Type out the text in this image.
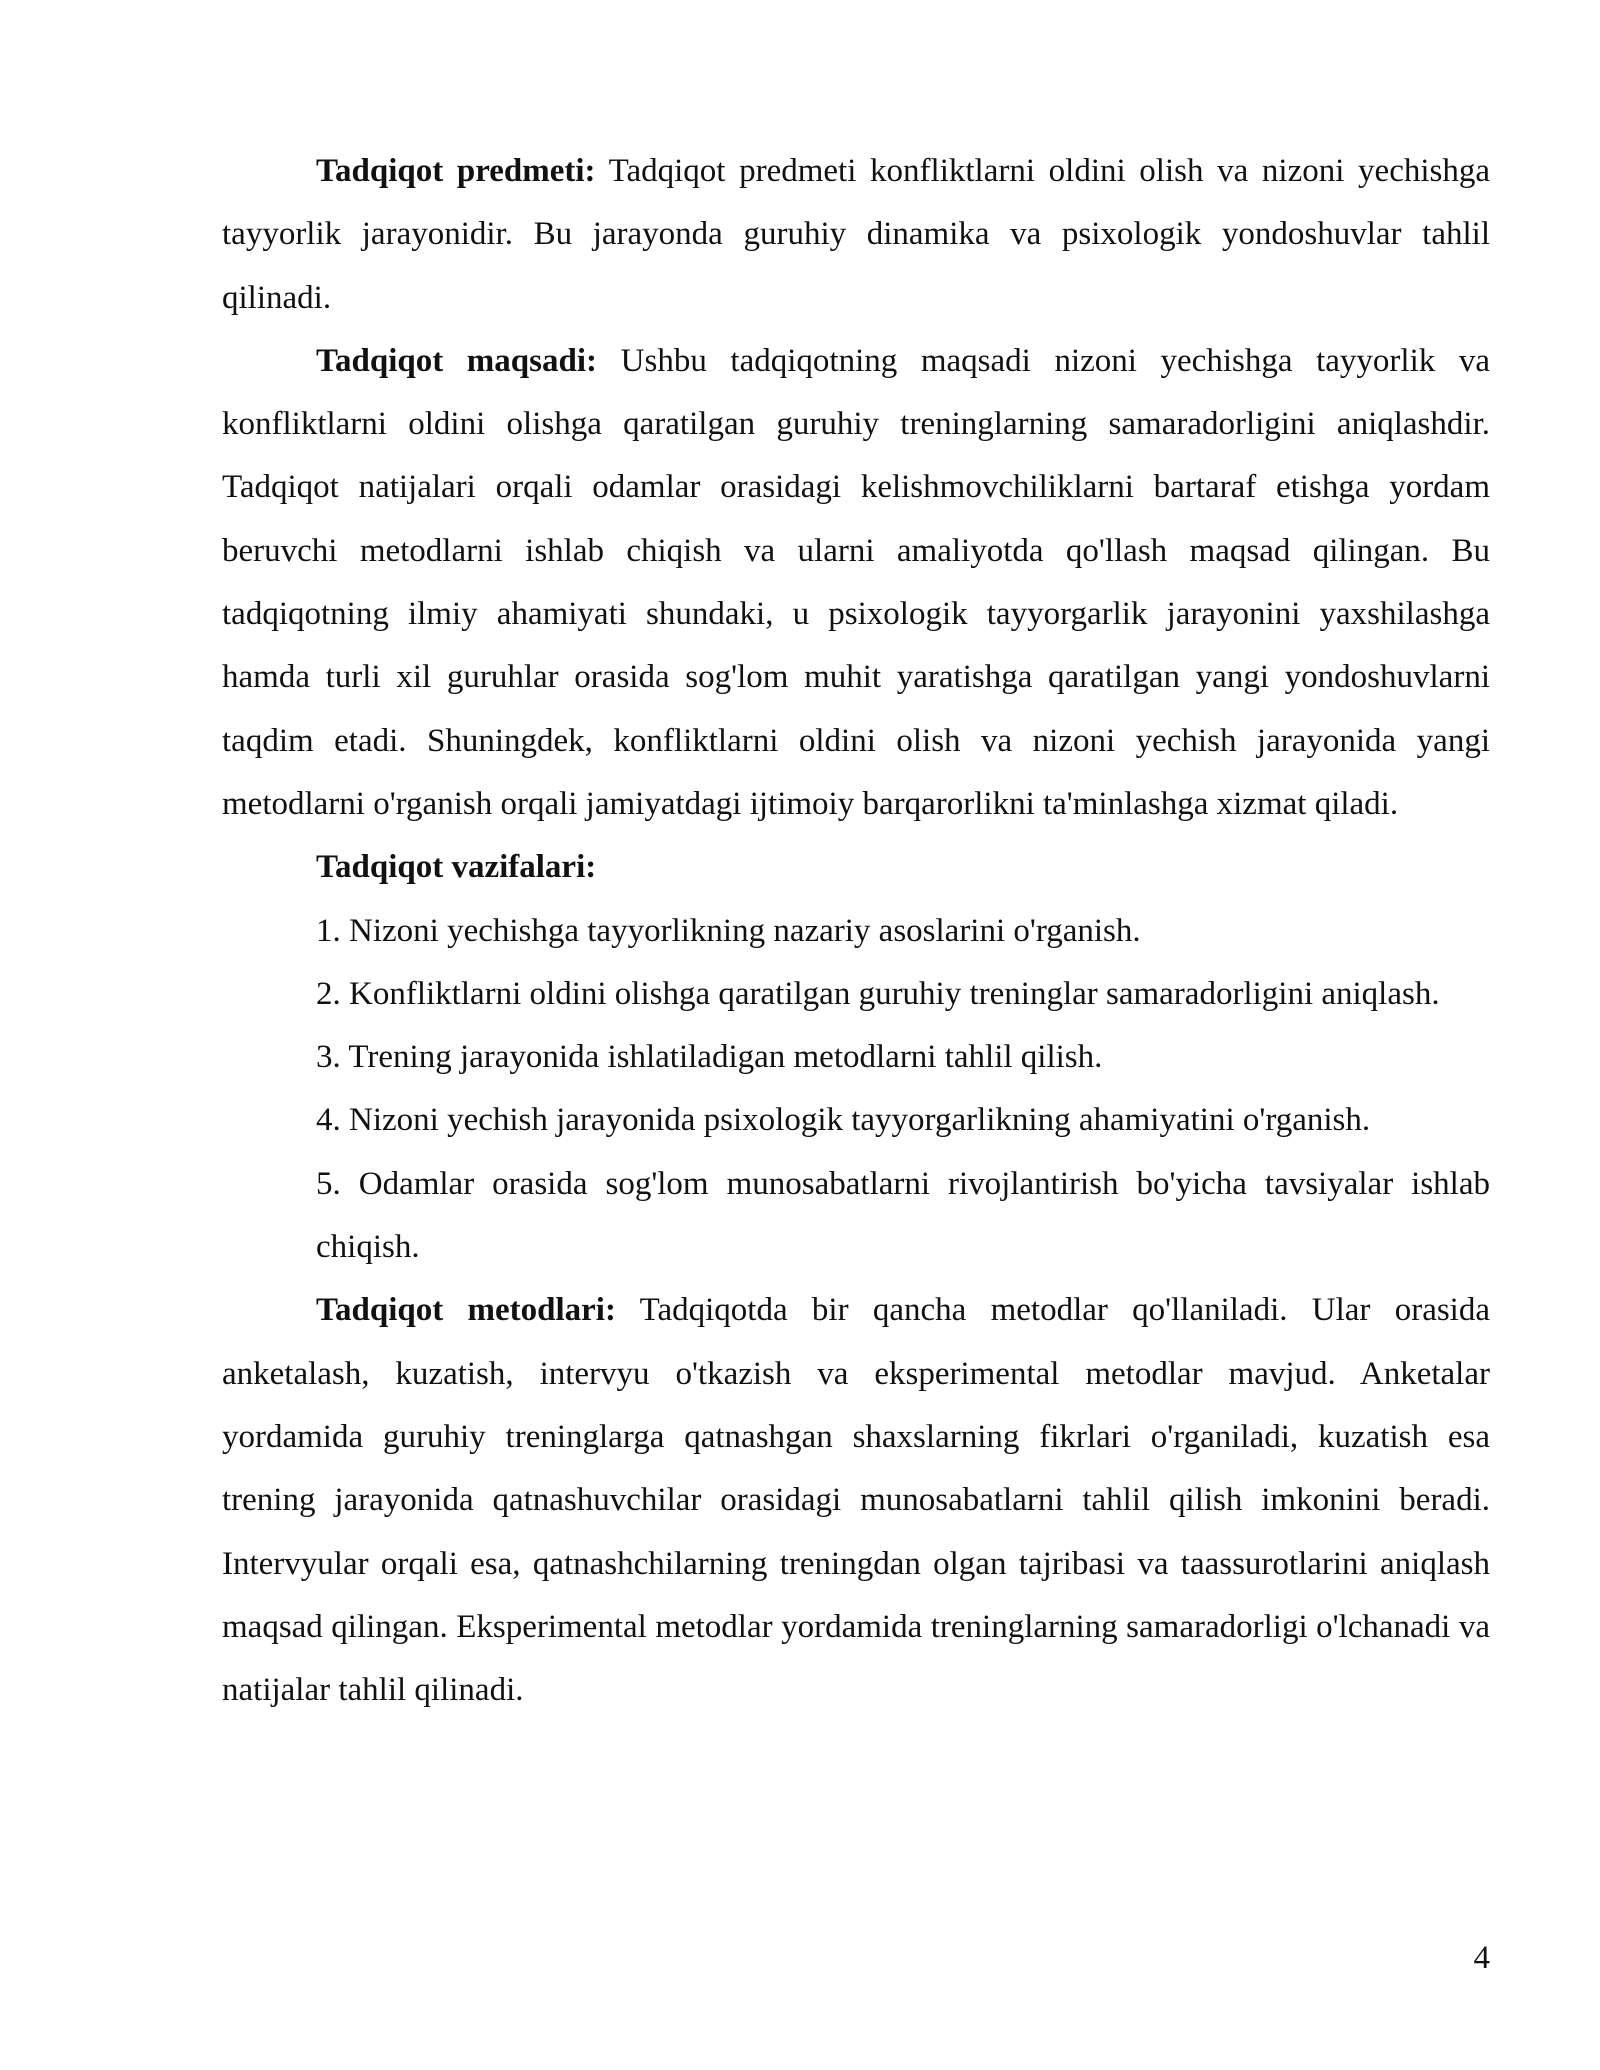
Tadqiqot predmeti: Tadqiqot predmeti konfliktlarni oldini olish va nizoni yechishga tayyorlik jarayonidir. Bu jarayonda guruhiy dinamika va psixologik yondoshuvlar tahlil qilinadi.

Tadqiqot maqsadi: Ushbu tadqiqotning maqsadi nizoni yechishga tayyorlik va konfliktlarni oldini olishga qaratilgan guruhiy treninglarning samaradorligini aniqlashdir. Tadqiqot natijalari orqali odamlar orasidagi kelishmovchiliklarni bartaraf etishga yordam beruvchi metodlarni ishlab chiqish va ularni amaliyotda qo'llash maqsad qilingan. Bu tadqiqotning ilmiy ahamiyati shundaki, u psixologik tayyorgarlik jarayonini yaxshilashga hamda turli xil guruhlar orasida sog'lom muhit yaratishga qaratilgan yangi yondoshuvlarni taqdim etadi. Shuningdek, konfliktlarni oldini olish va nizoni yechish jarayonida yangi metodlarni o'rganish orqali jamiyatdagi ijtimoiy barqarorlikni ta'minlashga xizmat qiladi.

Tadqiqot vazifalari:

1. Nizoni yechishga tayyorlikning nazariy asoslarini o'rganish.
2. Konfliktlarni oldini olishga qaratilgan guruhiy treninglar samaradorligini aniqlash.
3. Trening jarayonida ishlatiladigan metodlarni tahlil qilish.
4. Nizoni yechish jarayonida psixologik tayyorgarlikning ahamiyatini o'rganish.
5. Odamlar orasida sog'lom munosabatlarni rivojlantirish bo'yicha tavsiyalar ishlab chiqish.

Tadqiqot metodlari: Tadqiqotda bir qancha metodlar qo'llaniladi. Ular orasida anketalash, kuzatish, intervyu o'tkazish va eksperimental metodlar mavjud. Anketalar yordamida guruhiy treninglarga qatnashgan shaxslarning fikrlari o'rganiladi, kuzatish esa trening jarayonida qatnashuvchilar orasidagi munosabatlarni tahlil qilish imkonini beradi. Intervyular orqali esa, qatnashchilarning treningdan olgan tajribasi va taassurotlarini aniqlash maqsad qilingan. Eksperimental metodlar yordamida treninglarning samaradorligi o'lchanadi va natijalar tahlil qilinadi.

4
